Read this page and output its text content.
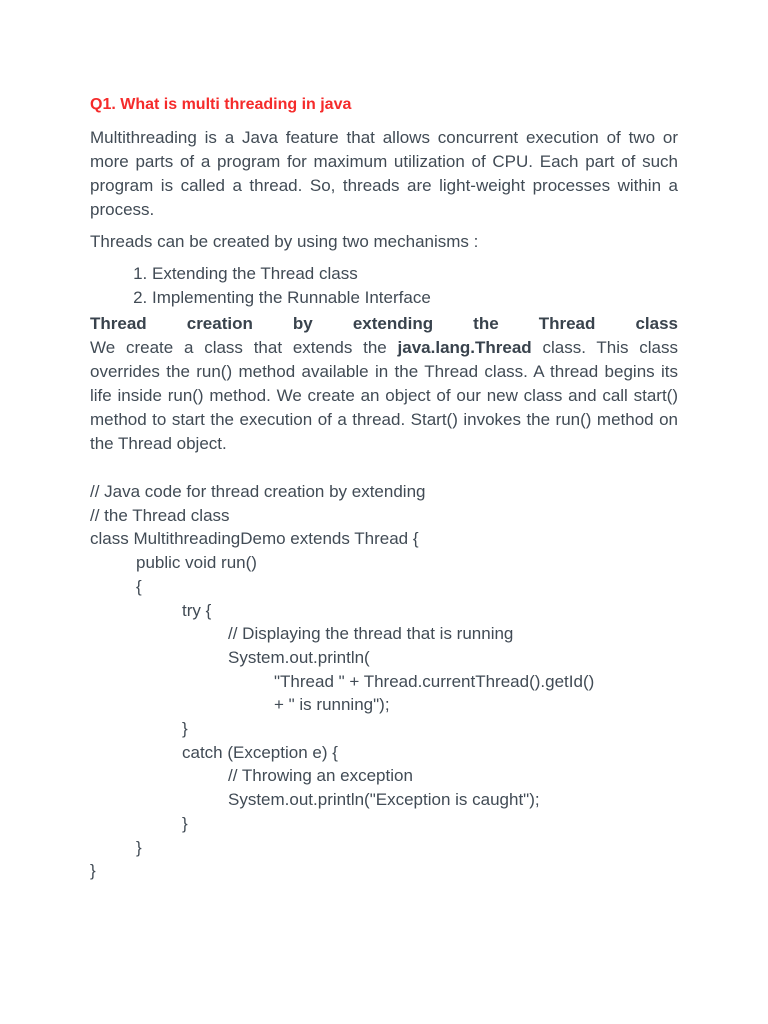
Q1. What is multi threading in java

Multithreading is a Java feature that allows concurrent execution of two or more parts of a program for maximum utilization of CPU. Each part of such program is called a thread. So, threads are light-weight processes within a process.

Threads can be created by using two mechanisms :

1. Extending the Thread class
2. Implementing the Runnable Interface
Thread creation by extending the Thread class

We create a class that extends the java.lang.Thread class. This class overrides the run() method available in the Thread class. A thread begins its life inside run() method. We create an object of our new class and call start() method to start the execution of a thread. Start() invokes the run() method on the Thread object.

// Java code for thread creation by extending
// the Thread class
class MultithreadingDemo extends Thread {
public void run()
{
try {
// Displaying the thread that is running
System.out.println(
"Thread " + Thread.currentThread().getId()
+ " is running");
}
catch (Exception e) {
// Throwing an exception
System.out.println("Exception is caught");
}
}
}
